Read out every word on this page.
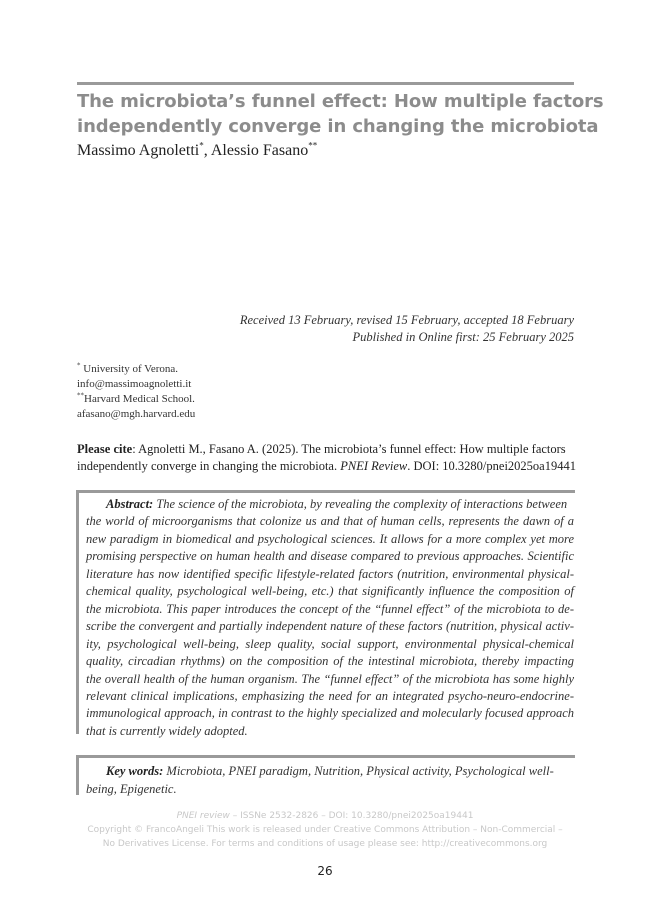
The microbiota’s funnel effect: How multiple factors
independently converge in changing the microbiota
Massimo Agnoletti*, Alessio Fasano**
Received 13 February, revised 15 February, accepted 18 February
Published in Online first: 25 February 2025
* University of Verona.
info@massimoagnoletti.it
**Harvard Medical School.
afasano@mgh.harvard.edu
Please cite: Agnoletti M., Fasano A. (2025). The microbiota’s funnel effect: How multiple factors
independently converge in changing the microbiota. PNEI Review. DOI: 10.3280/pnei2025oa19441
Abstract: The science of the microbiota, by revealing the complexity of interactions between
the world of microorganisms that colonize us and that of human cells, represents the dawn of a
new paradigm in biomedical and psychological sciences. It allows for a more complex yet more
promising perspective on human health and disease compared to previous approaches. Scientific
literature has now identified specific lifestyle-related factors (nutrition, environmental physical-
chemical quality, psychological well-being, etc.) that significantly influence the composition of
the microbiota. This paper introduces the concept of the “funnel effect” of the microbiota to de-
scribe the convergent and partially independent nature of these factors (nutrition, physical activ-
ity, psychological well-being, sleep quality, social support, environmental physical-chemical
quality, circadian rhythms) on the composition of the intestinal microbiota, thereby impacting
the overall health of the human organism. The “funnel effect” of the microbiota has some highly
relevant clinical implications, emphasizing the need for an integrated psycho-neuro-endocrine-
immunological approach, in contrast to the highly specialized and molecularly focused approach
that is currently widely adopted.
Key words: Microbiota, PNEI paradigm, Nutrition, Physical activity, Psychological well-
being, Epigenetic.
PNEI review – ISSNe 2532-2826 – DOI: 10.3280/pnei2025oa19441
Copyright © FrancoAngeli This work is released under Creative Commons Attribution – Non-Commercial –
No Derivatives License. For terms and conditions of usage please see: http://creativecommons.org
26
